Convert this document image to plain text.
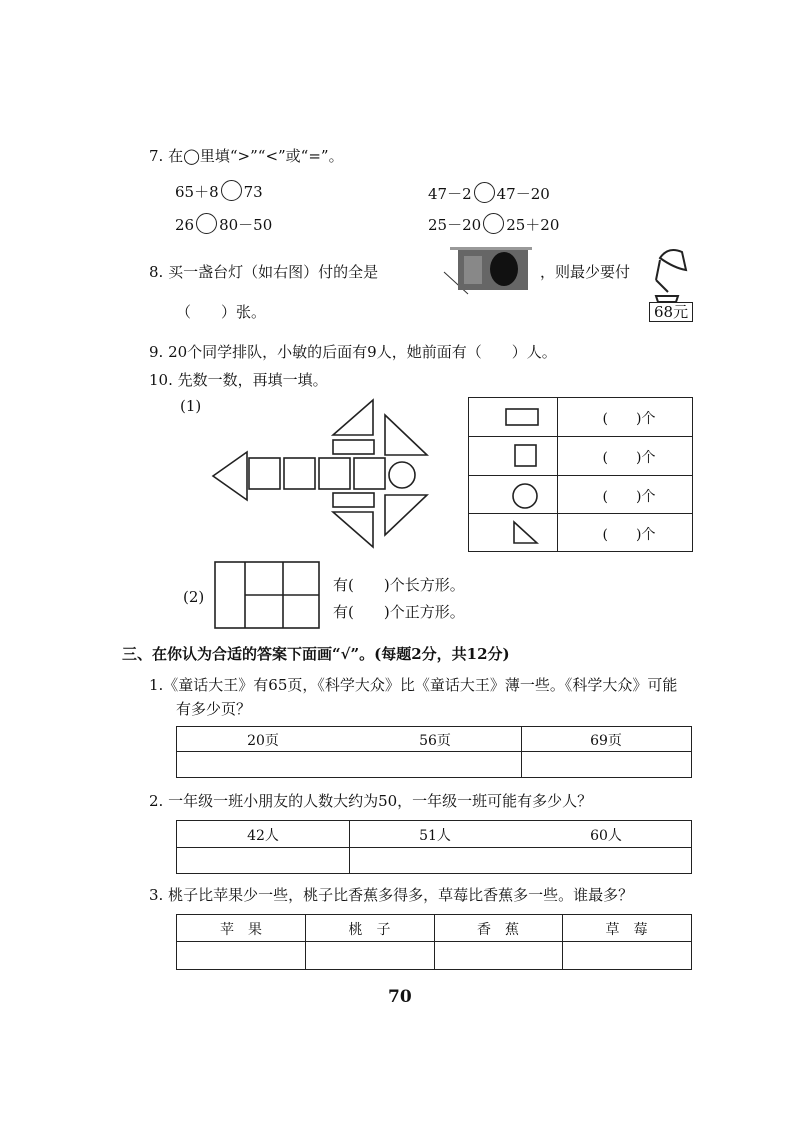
7. 在◯里填“>”“<”或“=”。
65＋8 73	47－2 47－20
26 80－50	25－20 25＋20
8. 买一盏台灯（如右图）付的全是	，则最少要付
68元
（　　）张。
9. 20个同学排队，小敏的后面有9人，她前面有（　　）人。
10. 先数一数，再填一填。
(1)
(　　)个
(　　)个
(　　)个
(　　)个
(2)
有(　　)个长方形。
有(　　)个正方形。
三、在你认为合适的答案下面画“√”。(每题2分，共12分)
1.《童话大王》有65页，《科学大众》比《童话大王》薄一些。《科学大众》可能
有多少页？
20页	56页	69页
2. 一年级一班小朋友的人数大约为50，一年级一班可能有多少人？
42人	51人	60人
3. 桃子比苹果少一些，桃子比香蕉多得多，草莓比香蕉多一些。谁最多？
苹　果	桃　子	香　蕉	草　莓
70
